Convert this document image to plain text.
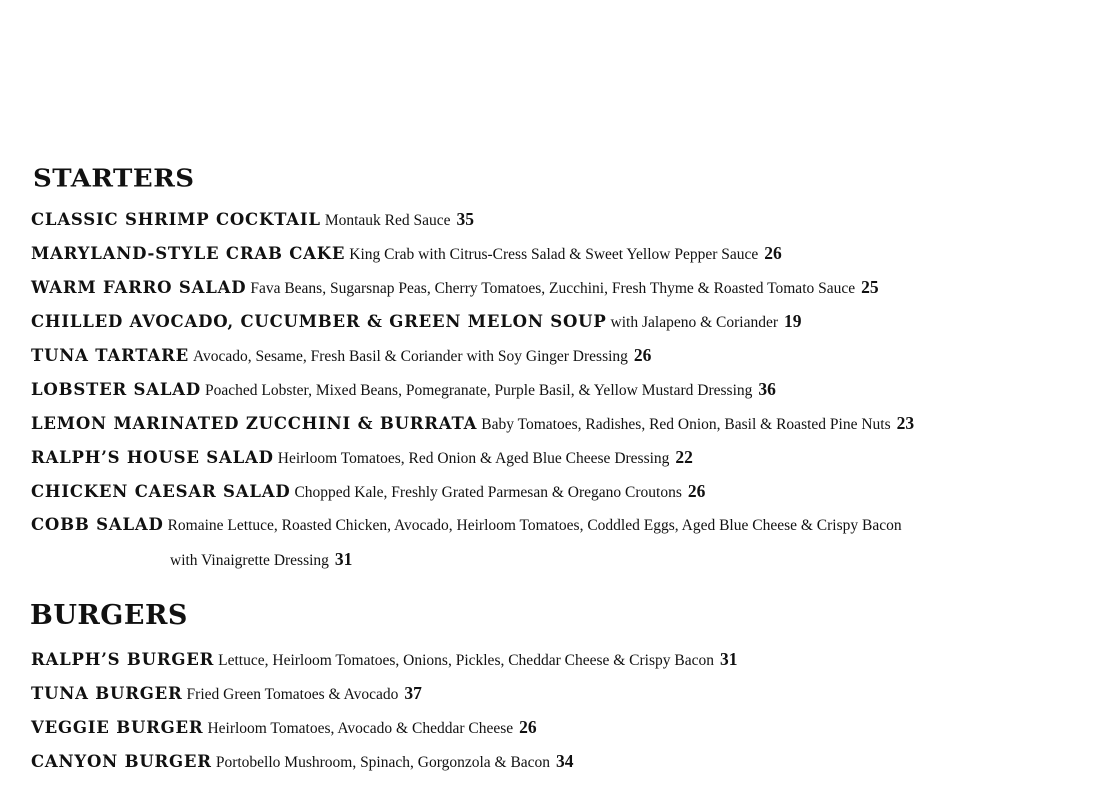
STARTERS
CLASSIC SHRIMP COCKTAIL Montauk Red Sauce 35
MARYLAND-STYLE CRAB CAKE King Crab with Citrus-Cress Salad & Sweet Yellow Pepper Sauce 26
WARM FARRO SALAD Fava Beans, Sugarsnap Peas, Cherry Tomatoes, Zucchini, Fresh Thyme & Roasted Tomato Sauce 25
CHILLED AVOCADO, CUCUMBER & GREEN MELON SOUP with Jalapeno & Coriander 19
TUNA TARTARE Avocado, Sesame, Fresh Basil & Coriander with Soy Ginger Dressing 26
LOBSTER SALAD Poached Lobster, Mixed Beans, Pomegranate, Purple Basil, & Yellow Mustard Dressing 36
LEMON MARINATED ZUCCHINI & BURRATA Baby Tomatoes, Radishes, Red Onion, Basil & Roasted Pine Nuts 23
RALPH’S HOUSE SALAD Heirloom Tomatoes, Red Onion & Aged Blue Cheese Dressing 22
CHICKEN CAESAR SALAD Chopped Kale, Freshly Grated Parmesan & Oregano Croutons 26
COBB SALAD Romaine Lettuce, Roasted Chicken, Avocado, Heirloom Tomatoes, Coddled Eggs, Aged Blue Cheese & Crispy Bacon
with Vinaigrette Dressing 31
BURGERS
RALPH’S BURGER Lettuce, Heirloom Tomatoes, Onions, Pickles, Cheddar Cheese & Crispy Bacon 31
TUNA BURGER Fried Green Tomatoes & Avocado 37
VEGGIE BURGER Heirloom Tomatoes, Avocado & Cheddar Cheese 26
CANYON BURGER Portobello Mushroom, Spinach, Gorgonzola & Bacon 34
